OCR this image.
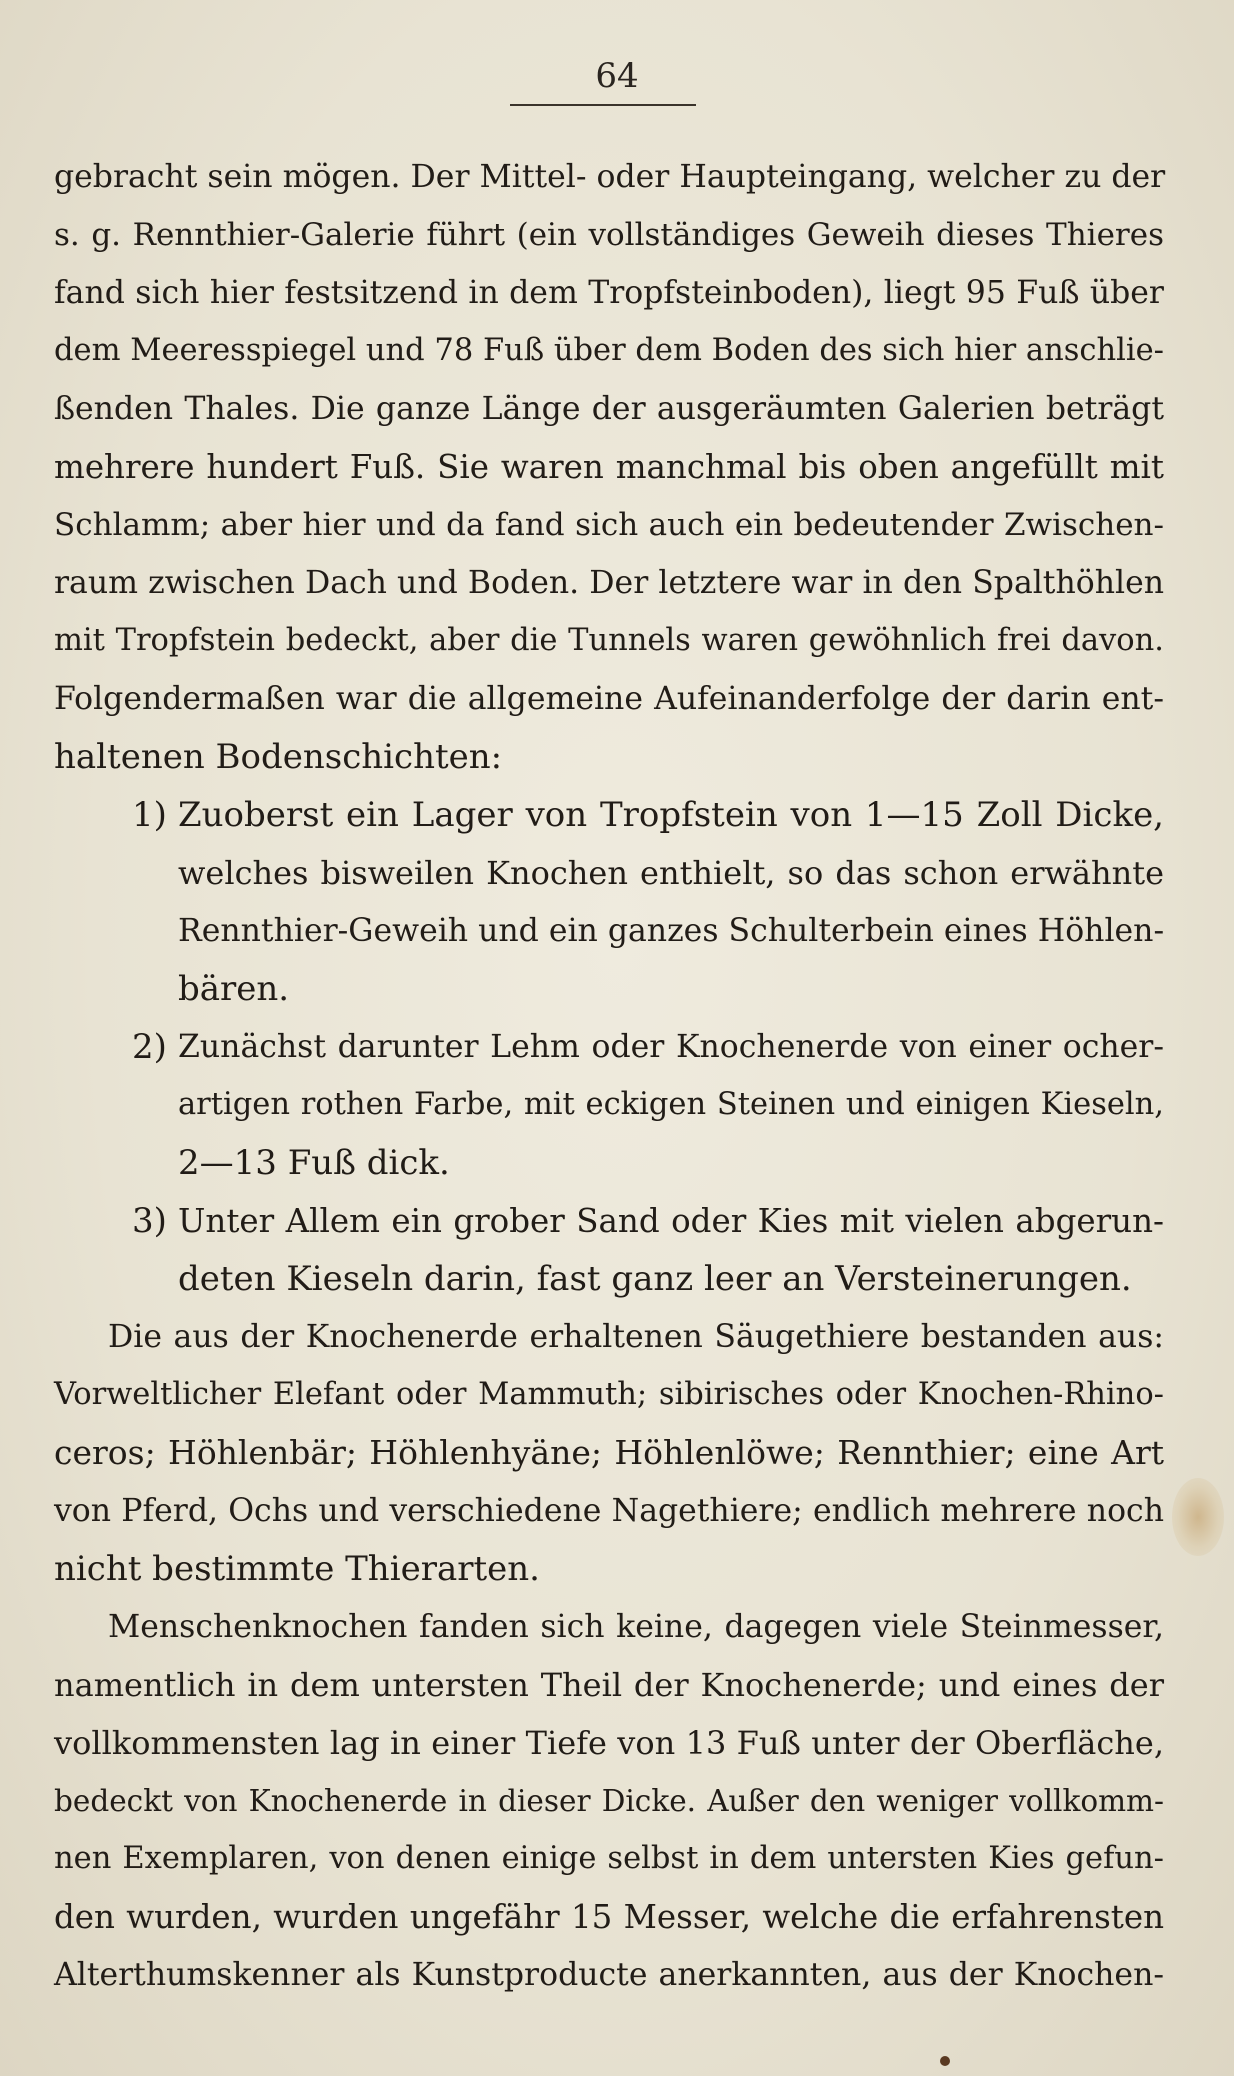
64
gebracht sein mögen. Der Mittel- oder Haupteingang, welcher zu der
s. g. Rennthier-Galerie führt (ein vollständiges Geweih dieses Thieres
fand sich hier festsitzend in dem Tropfsteinboden), liegt 95 Fuß über
dem Meeresspiegel und 78 Fuß über dem Boden des sich hier anschlie-
ßenden Thales. Die ganze Länge der ausgeräumten Galerien beträgt
mehrere hundert Fuß. Sie waren manchmal bis oben angefüllt mit
Schlamm; aber hier und da fand sich auch ein bedeutender Zwischen-
raum zwischen Dach und Boden. Der letztere war in den Spalthöhlen
mit Tropfstein bedeckt, aber die Tunnels waren gewöhnlich frei davon.
Folgendermaßen war die allgemeine Aufeinanderfolge der darin ent-
haltenen Bodenschichten:
1) Zuoberst ein Lager von Tropfstein von 1—15 Zoll Dicke,
welches bisweilen Knochen enthielt, so das schon erwähnte
Rennthier-Geweih und ein ganzes Schulterbein eines Höhlen-
bären.
2) Zunächst darunter Lehm oder Knochenerde von einer ocher-
artigen rothen Farbe, mit eckigen Steinen und einigen Kieseln,
2—13 Fuß dick.
3) Unter Allem ein grober Sand oder Kies mit vielen abgerun-
deten Kieseln darin, fast ganz leer an Versteinerungen.
Die aus der Knochenerde erhaltenen Säugethiere bestanden aus:
Vorweltlicher Elefant oder Mammuth; sibirisches oder Knochen-Rhino-
ceros; Höhlenbär; Höhlenhyäne; Höhlenlöwe; Rennthier; eine Art
von Pferd, Ochs und verschiedene Nagethiere; endlich mehrere noch
nicht bestimmte Thierarten.
Menschenknochen fanden sich keine, dagegen viele Steinmesser,
namentlich in dem untersten Theil der Knochenerde; und eines der
vollkommensten lag in einer Tiefe von 13 Fuß unter der Oberfläche,
bedeckt von Knochenerde in dieser Dicke. Außer den weniger vollkomm-
nen Exemplaren, von denen einige selbst in dem untersten Kies gefun-
den wurden, wurden ungefähr 15 Messer, welche die erfahrensten
Alterthumskenner als Kunstproducte anerkannten, aus der Knochen-
